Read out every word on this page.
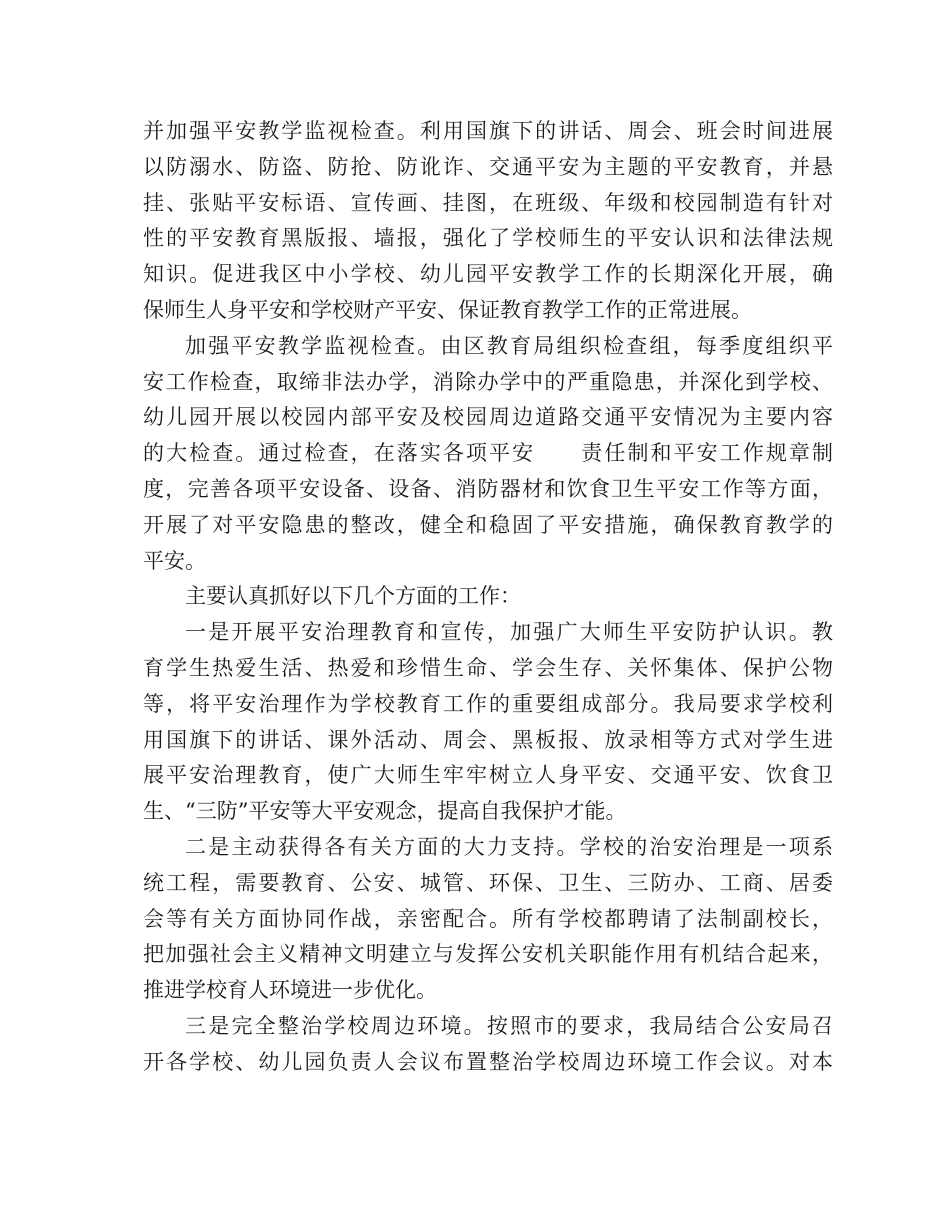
并加强平安教学监视检查。利用国旗下的讲话、周会、班会时间进展
以防溺水、防盗、防抢、防讹诈、交通平安为主题的平安教育，并悬
挂、张贴平安标语、宣传画、挂图，在班级、年级和校园制造有针对
性的平安教育黑版报、墙报，强化了学校师生的平安认识和法律法规
知识。促进我区中小学校、幼儿园平安教学工作的长期深化开展，确
保师生人身平安和学校财产平安、保证教育教学工作的正常进展。
加强平安教学监视检查。由区教育局组织检查组，每季度组织平
安工作检查，取缔非法办学，消除办学中的严重隐患，并深化到学校、
幼儿园开展以校园内部平安及校园周边道路交通平安情况为主要内容
的大检查。通过检查，在落实各项平安　　责任制和平安工作规章制
度，完善各项平安设备、设备、消防器材和饮食卫生平安工作等方面，
开展了对平安隐患的整改，健全和稳固了平安措施，确保教育教学的
平安。
主要认真抓好以下几个方面的工作：
一是开展平安治理教育和宣传，加强广大师生平安防护认识。教
育学生热爱生活、热爱和珍惜生命、学会生存、关怀集体、保护公物
等，将平安治理作为学校教育工作的重要组成部分。我局要求学校利
用国旗下的讲话、课外活动、周会、黑板报、放录相等方式对学生进
展平安治理教育，使广大师生牢牢树立人身平安、交通平安、饮食卫
生、“三防”平安等大平安观念，提高自我保护才能。
二是主动获得各有关方面的大力支持。学校的治安治理是一项系
统工程，需要教育、公安、城管、环保、卫生、三防办、工商、居委
会等有关方面协同作战，亲密配合。所有学校都聘请了法制副校长，
把加强社会主义精神文明建立与发挥公安机关职能作用有机结合起来，
推进学校育人环境进一步优化。
三是完全整治学校周边环境。按照市的要求，我局结合公安局召
开各学校、幼儿园负责人会议布置整治学校周边环境工作会议。对本
